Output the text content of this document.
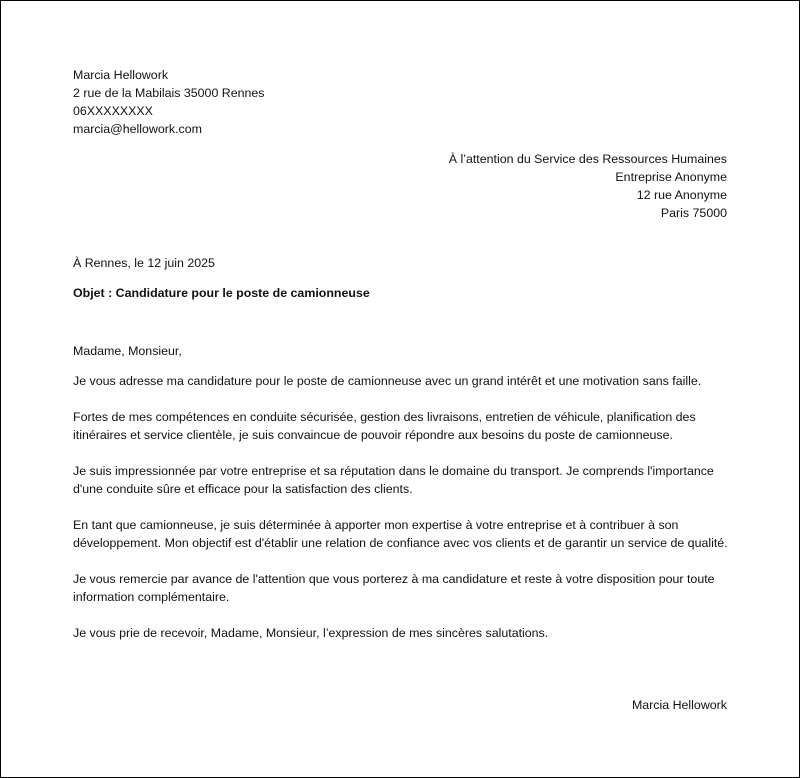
Marcia Hellowork
2 rue de la Mabilais 35000 Rennes
06XXXXXXXX
marcia@hellowork.com
À l’attention du Service des Ressources Humaines
Entreprise Anonyme
12 rue Anonyme
Paris 75000
À Rennes, le 12 juin 2025
Objet : Candidature pour le poste de camionneuse
Madame, Monsieur,

Je vous adresse ma candidature pour le poste de camionneuse avec un grand intérêt et une motivation sans faille.

Fortes de mes compétences en conduite sécurisée, gestion des livraisons, entretien de véhicule, planification des itinéraires et service clientèle, je suis convaincue de pouvoir répondre aux besoins du poste de camionneuse.

Je suis impressionnée par votre entreprise et sa réputation dans le domaine du transport. Je comprends l'importance d'une conduite sûre et efficace pour la satisfaction des clients.

En tant que camionneuse, je suis déterminée à apporter mon expertise à votre entreprise et à contribuer à son développement. Mon objectif est d'établir une relation de confiance avec vos clients et de garantir un service de qualité.

Je vous remercie par avance de l'attention que vous porterez à ma candidature et reste à votre disposition pour toute information complémentaire.

Je vous prie de recevoir, Madame, Monsieur, l’expression de mes sincères salutations.

Marcia Hellowork
